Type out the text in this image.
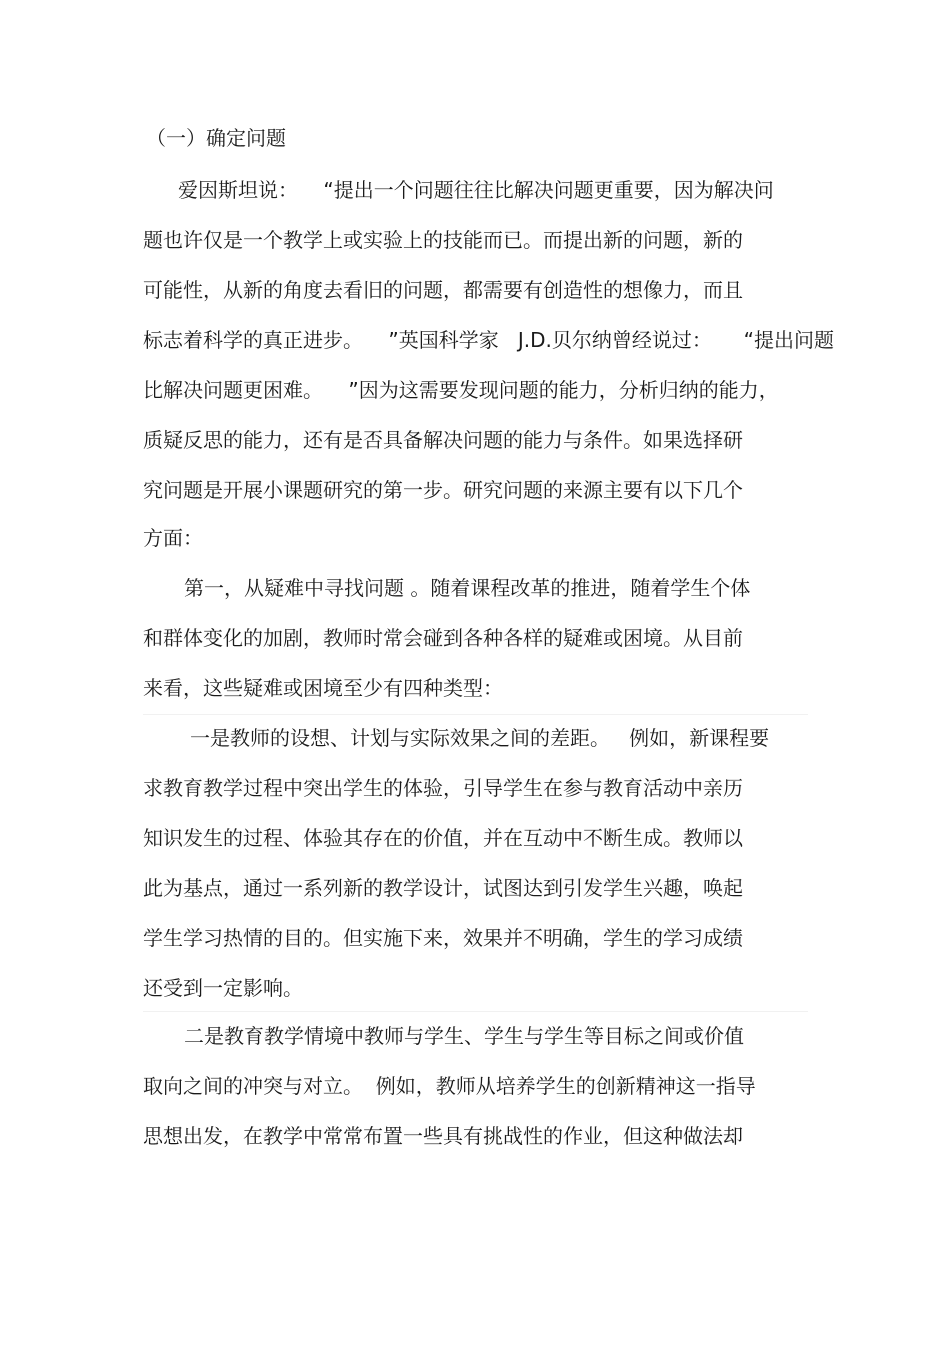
（一）确定问题
爱因斯坦说：    “提出一个问题往往比解决问题更重要，因为解决问
题也许仅是一个教学上或实验上的技能而已。而提出新的问题，新的
可能性，从新的角度去看旧的问题，都需要有创造性的想像力，而且
标志着科学的真正进步。    ”英国科学家   J.D.贝尔纳曾经说过：     “提出问题
比解决问题更困难。    ”因为这需要发现问题的能力，分析归纳的能力，
质疑反思的能力，还有是否具备解决问题的能力与条件。如果选择研
究问题是开展小课题研究的第一步。研究问题的来源主要有以下几个
方面：
第一，从疑难中寻找问题 。随着课程改革的推进，随着学生个体
和群体变化的加剧，教师时常会碰到各种各样的疑难或困境。从目前
来看，这些疑难或困境至少有四种类型：
一是教师的设想、计划与实际效果之间的差距。   例如，新课程要
求教育教学过程中突出学生的体验，引导学生在参与教育活动中亲历
知识发生的过程、体验其存在的价值，并在互动中不断生成。教师以
此为基点，通过一系列新的教学设计，试图达到引发学生兴趣，唤起
学生学习热情的目的。但实施下来，效果并不明确，学生的学习成绩
还受到一定影响。
二是教育教学情境中教师与学生、学生与学生等目标之间或价值
取向之间的冲突与对立。  例如，教师从培养学生的创新精神这一指导
思想出发，在教学中常常布置一些具有挑战性的作业，但这种做法却
